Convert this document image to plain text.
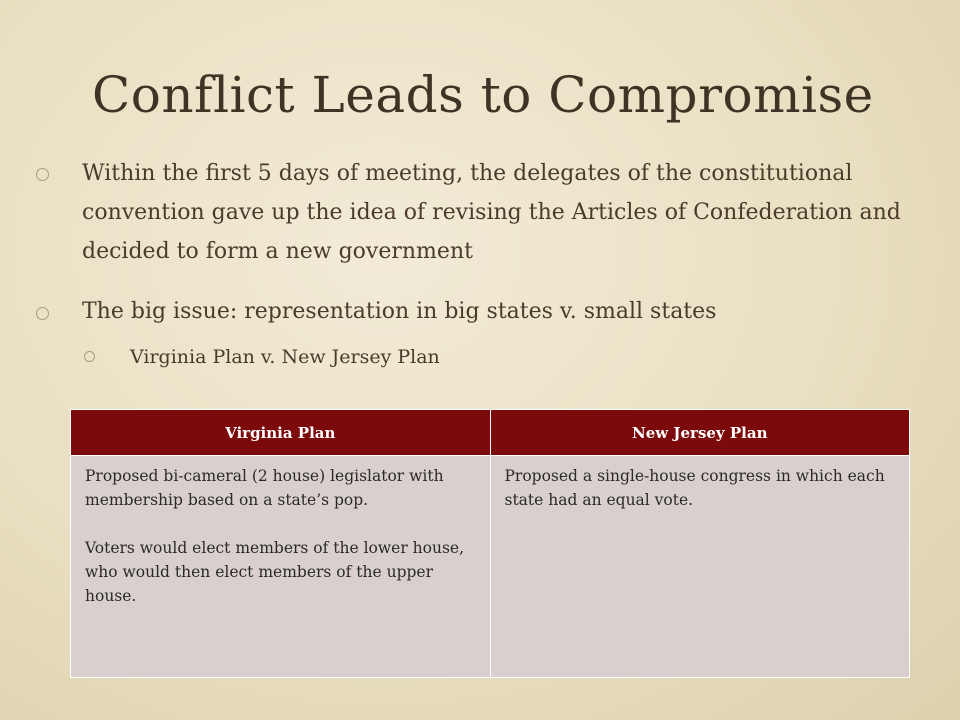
Conflict Leads to Compromise

Within the first 5 days of meeting, the delegates of the constitutional convention gave up the idea of revising the Articles of Confederation and decided to form a new government

The big issue: representation in big states v. small states

Virginia Plan v. New Jersey Plan

Virginia Plan	New Jersey Plan

Proposed bi-cameral (2 house) legislator with membership based on a state’s pop.

Voters would elect members of the lower house, who would then elect members of the upper house.	Proposed a single-house congress in which each state had an equal vote.
